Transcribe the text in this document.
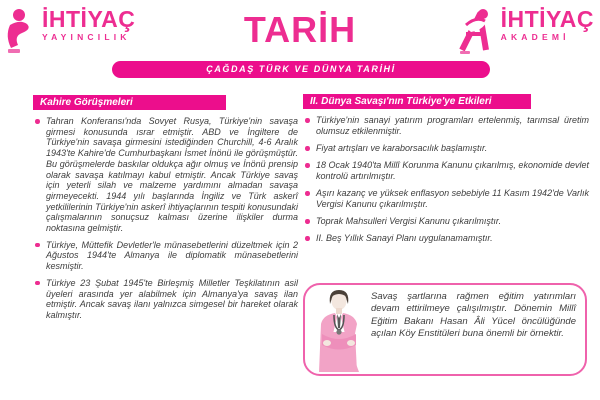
İHTİYAÇ
YAYINCILIK	TARİH	İHTİYAÇ
AKADEMİ
ÇAĞDAŞ TÜRK VE DÜNYA TARİHİ
Kahire Görüşmeleri
Tahran Konferansı'nda Sovyet Rusya, Türkiye'nin savaşa girmesi konusunda ısrar etmiştir. ABD ve İngiltere de Türkiye'nin savaşa girmesini istediğinden Churchill, 4-6 Aralık 1943'te Kahire'de Cumhurbaşkanı İsmet İnönü ile görüşmüştür. Bu görüşmelerde baskılar oldukça ağır olmuş ve İnönü prensip olarak savaşa katılmayı kabul etmiştir. Ancak Türkiye savaş için yeterli silah ve malzeme yardımını almadan savaşa girmeyecekti. 1944 yılı başlarında İngiliz ve Türk askerî yetkililerinin Türkiye'nin askerî ihtiyaçlarının tespiti konusundaki çalışmalarının sonuçsuz kalması üzerine ilişkiler durma noktasına gelmiştir.
Türkiye, Müttefik Devletler'le münasebetlerini düzeltmek için 2 Ağustos 1944'te Almanya ile diplomatik münasebetlerini kesmiştir.
Türkiye 23 Şubat 1945'te Birleşmiş Milletler Teşkilatının asil üyeleri arasında yer alabilmek için Almanya'ya savaş ilan etmiştir. Ancak savaş ilanı yalnızca simgesel bir hareket olarak kalmıştır.
II. Dünya Savaşı'nın Türkiye'ye Etkileri
Türkiye'nin sanayi yatırım programları ertelenmiş, tarımsal üretim olumsuz etkilenmiştir.
Fiyat artışları ve karaborsacılık başlamıştır.
18 Ocak 1940'ta Millî Korunma Kanunu çıkarılmış, ekonomide devlet kontrolü artırılmıştır.
Aşırı kazanç ve yüksek enflasyon sebebiyle 11 Kasım 1942'de Varlık Vergisi Kanunu çıkarılmıştır.
Toprak Mahsulleri Vergisi Kanunu çıkarılmıştır.
II. Beş Yıllık Sanayi Planı uygulanamamıştır.

Savaş şartlarına rağmen eğitim yatırımları devam ettirilmeye çalışılmıştır. Dönemin Millî Eğitim Bakanı Hasan Âli Yücel öncülüğünde açılan Köy Enstitüleri buna önemli bir örnektir.
